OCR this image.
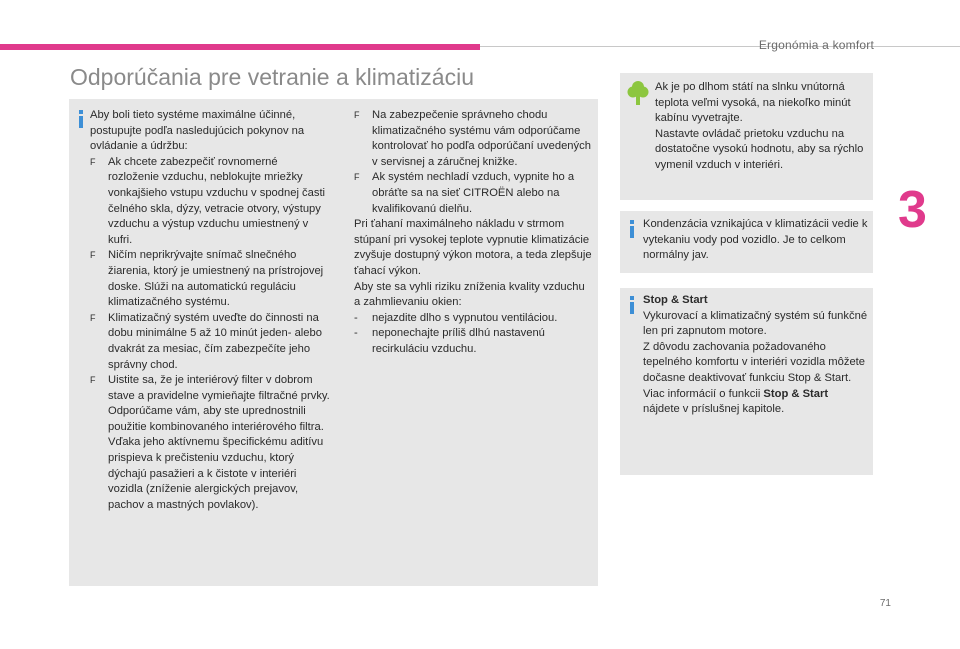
Ergonómia a komfort
Odporúčania pre vetranie a klimatizáciu
3
71

Aby boli tieto systéme maximálne účinné, postupujte podľa nasledujúcich pokynov na ovládanie a údržbu:

F Ak chcete zabezpečiť rovnomerné rozloženie vzduchu, neblokujte mriežky vonkajšieho vstupu vzduchu v spodnej časti čelného skla, dýzy, vetracie otvory, výstupy vzduchu a výstup vzduchu umiestnený v kufri.

F Ničím neprikrývajte snímač slnečného žiarenia, ktorý je umiestnený na prístrojovej doske. Slúži na automatickú reguláciu klimatizačného systému.

F Klimatizačný systém uveďte do činnosti na dobu minimálne 5 až 10 minút jeden- alebo dvakrát za mesiac, čím zabezpečíte jeho správny chod.

F Uistite sa, že je interiérový filter v dobrom stave a pravidelne vymieňajte filtračné prvky. Odporúčame vám, aby ste uprednostnili použitie kombinovaného interiérového filtra. Vďaka jeho aktívnemu špecifickému aditívu prispieva k prečisteniu vzduchu, ktorý dýchajú pasažieri a k čistote v interiéri vozidla (zníženie alergických prejavov, pachov a mastných povlakov).

F Na zabezpečenie správneho chodu klimatizačného systému vám odporúčame kontrolovať ho podľa odporúčaní uvedených v servisnej a záručnej knižke.

F Ak systém nechladí vzduch, vypnite ho a obráťte sa na sieť CITROËN alebo na kvalifikovanú dielňu.

Pri ťahaní maximálneho nákladu v strmom stúpaní pri vysokej teplote vypnutie klimatizácie zvyšuje dostupný výkon motora, a teda zlepšuje ťahací výkon.

Aby ste sa vyhli riziku zníženia kvality vzduchu a zahmlievaniu okien:

- nejazdite dlho s vypnutou ventiláciou.

- neponechajte príliš dlhú nastavenú recirkuláciu vzduchu.

Ak je po dlhom státí na slnku vnútorná teplota veľmi vysoká, na niekoľko minút kabínu vyvetrajte.

Nastavte ovládač prietoku vzduchu na dostatočne vysokú hodnotu, aby sa rýchlo vymenil vzduch v interiéri.

Kondenzácia vznikajúca v klimatizácii vedie k vytekaniu vody pod vozidlo. Je to celkom normálny jav.

Stop & Start

Vykurovací a klimatizačný systém sú funkčné len pri zapnutom motore.

Z dôvodu zachovania požadovaného tepelného komfortu v interiéri vozidla môžete dočasne deaktivovať funkciu Stop & Start.

Viac informácií o funkcii Stop & Start
nájdete v príslušnej kapitole.
